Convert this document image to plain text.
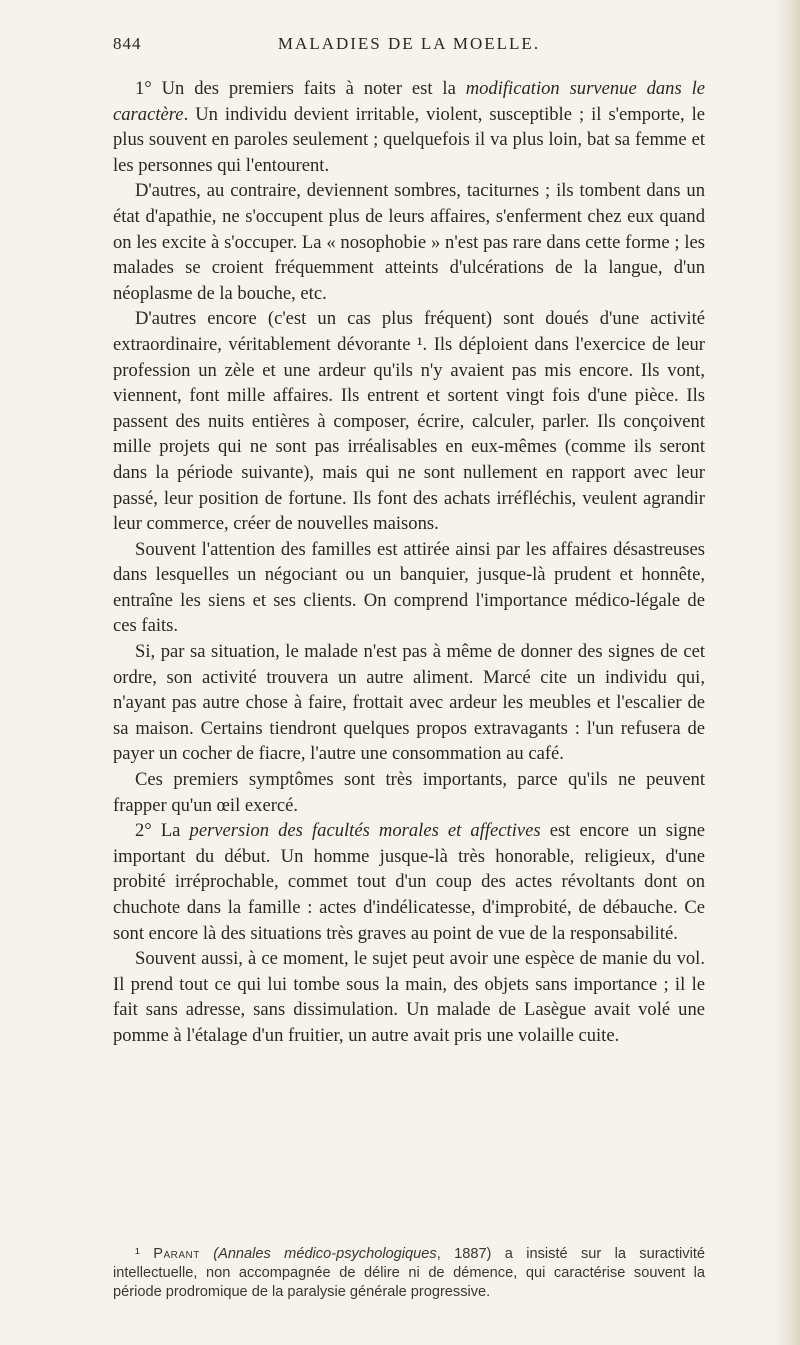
844	MALADIES DE LA MOELLE.

1° Un des premiers faits à noter est la modification survenue dans le caractère. Un individu devient irritable, violent, susceptible ; il s'emporte, le plus souvent en paroles seulement ; quelquefois il va plus loin, bat sa femme et les personnes qui l'entourent.

D'autres, au contraire, deviennent sombres, taciturnes ; ils tombent dans un état d'apathie, ne s'occupent plus de leurs affaires, s'enferment chez eux quand on les excite à s'occuper. La « nosophobie » n'est pas rare dans cette forme ; les malades se croient fréquemment atteints d'ulcérations de la langue, d'un néoplasme de la bouche, etc.

D'autres encore (c'est un cas plus fréquent) sont doués d'une activité extraordinaire, véritablement dévorante ¹. Ils déploient dans l'exercice de leur profession un zèle et une ardeur qu'ils n'y avaient pas mis encore. Ils vont, viennent, font mille affaires. Ils entrent et sortent vingt fois d'une pièce. Ils passent des nuits entières à composer, écrire, calculer, parler. Ils conçoivent mille projets qui ne sont pas irréalisables en eux-mêmes (comme ils seront dans la période suivante), mais qui ne sont nullement en rapport avec leur passé, leur position de fortune. Ils font des achats irréfléchis, veulent agrandir leur commerce, créer de nouvelles maisons.

Souvent l'attention des familles est attirée ainsi par les affaires désastreuses dans lesquelles un négociant ou un banquier, jusque-là prudent et honnête, entraîne les siens et ses clients. On comprend l'importance médico-légale de ces faits.

Si, par sa situation, le malade n'est pas à même de donner des signes de cet ordre, son activité trouvera un autre aliment. Marcé cite un individu qui, n'ayant pas autre chose à faire, frottait avec ardeur les meubles et l'escalier de sa maison. Certains tiendront quelques propos extravagants : l'un refusera de payer un cocher de fiacre, l'autre une consommation au café.

Ces premiers symptômes sont très importants, parce qu'ils ne peuvent frapper qu'un œil exercé.

2° La perversion des facultés morales et affectives est encore un signe important du début. Un homme jusque-là très honorable, religieux, d'une probité irréprochable, commet tout d'un coup des actes révoltants dont on chuchote dans la famille : actes d'indélicatesse, d'improbité, de débauche. Ce sont encore là des situations très graves au point de vue de la responsabilité.

Souvent aussi, à ce moment, le sujet peut avoir une espèce de manie du vol. Il prend tout ce qui lui tombe sous la main, des objets sans importance ; il le fait sans adresse, sans dissimulation. Un malade de Lasègue avait volé une pomme à l'étalage d'un fruitier, un autre avait pris une volaille cuite.

¹ Parant (Annales médico-psychologiques, 1887) a insisté sur la suractivité intellectuelle, non accompagnée de délire ni de démence, qui caractérise souvent la période prodromique de la paralysie générale progressive.
